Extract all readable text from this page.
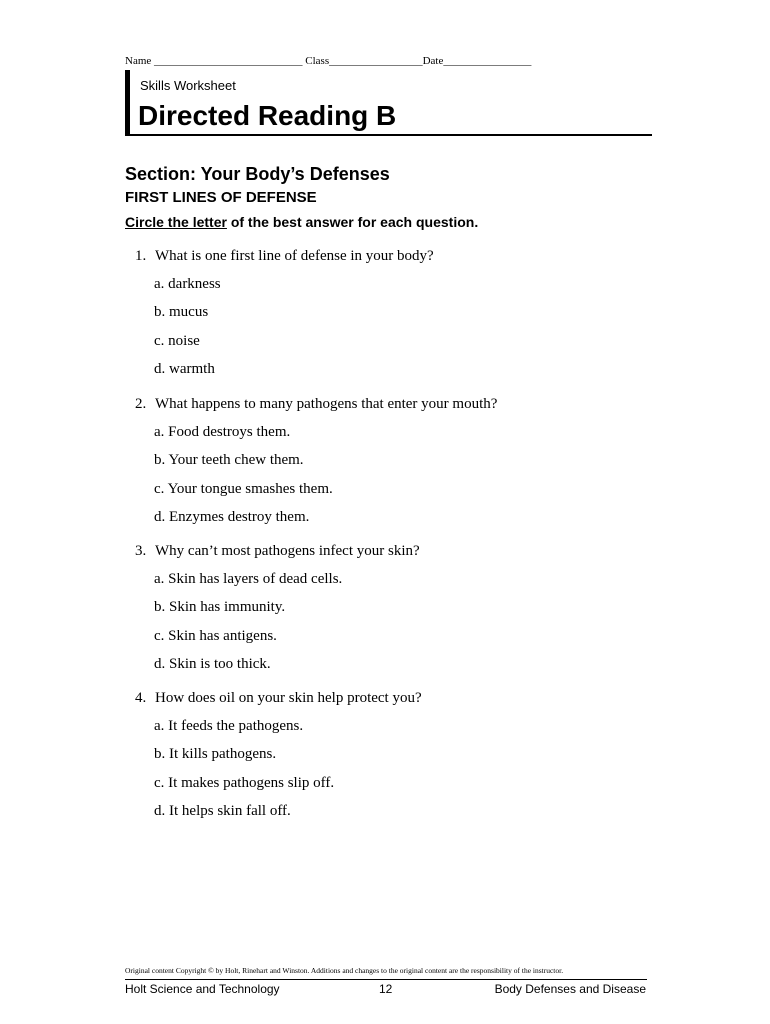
Name ___________________________ Class_________________Date________________
Skills Worksheet
Directed Reading B
Section: Your Body’s Defenses
FIRST LINES OF DEFENSE
Circle the letter of the best answer for each question.
1. What is one first line of defense in your body?
a. darkness
b. mucus
c. noise
d. warmth
2. What happens to many pathogens that enter your mouth?
a. Food destroys them.
b. Your teeth chew them.
c. Your tongue smashes them.
d. Enzymes destroy them.
3. Why can’t most pathogens infect your skin?
a. Skin has layers of dead cells.
b. Skin has immunity.
c. Skin has antigens.
d. Skin is too thick.
4. How does oil on your skin help protect you?
a. It feeds the pathogens.
b. It kills pathogens.
c. It makes pathogens slip off.
d. It helps skin fall off.
Original content Copyright © by Holt, Rinehart and Winston. Additions and changes to the original content are the responsibility of the instructor.
Holt Science and Technology	12	Body Defenses and Disease
